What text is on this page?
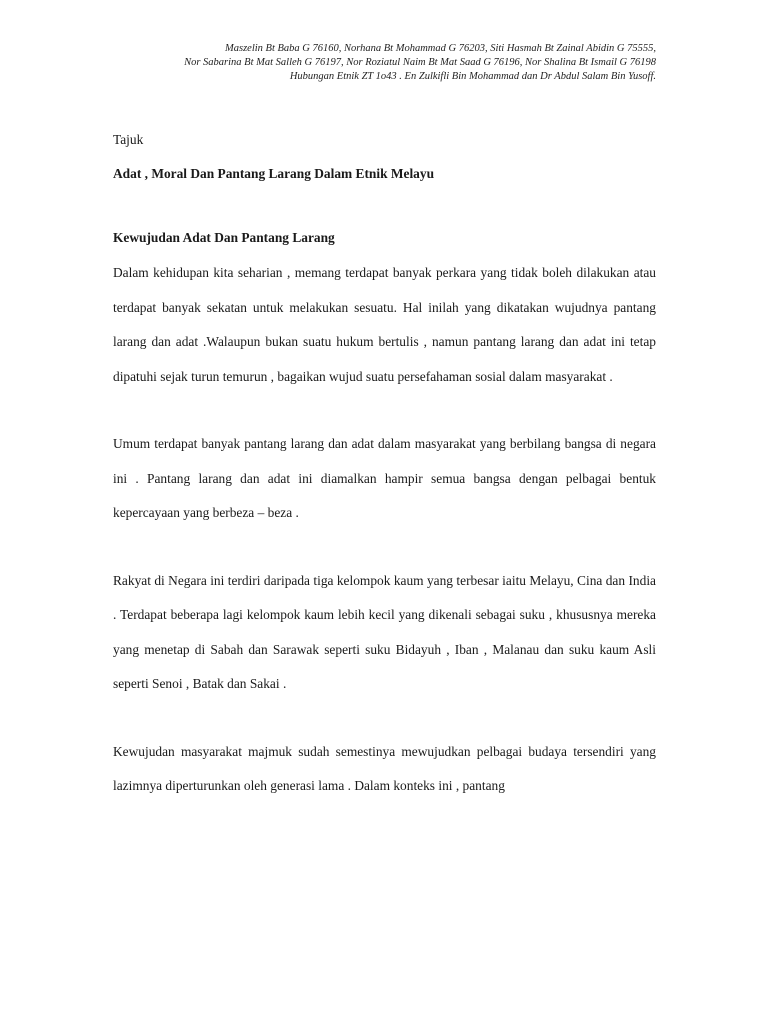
Maszelin Bt Baba G 76160, Norhana Bt Mohammad G 76203, Siti Hasmah Bt Zainal Abidin G 75555,
Nor Sabarina Bt Mat Salleh G 76197, Nor Roziatul Naim Bt Mat Saad G 76196, Nor Shalina Bt Ismail G 76198
Hubungan Etnik ZT 1o43 . En Zulkifli Bin Mohammad dan Dr Abdul Salam Bin Yusoff.

Tajuk

Adat , Moral Dan Pantang Larang Dalam Etnik Melayu

Kewujudan Adat Dan Pantang Larang

Dalam kehidupan kita seharian , memang terdapat banyak perkara yang tidak boleh dilakukan atau terdapat banyak sekatan untuk melakukan sesuatu. Hal inilah yang dikatakan wujudnya pantang larang dan adat .Walaupun bukan suatu hukum bertulis , namun pantang larang dan adat ini tetap dipatuhi sejak turun temurun , bagaikan wujud suatu persefahaman sosial dalam masyarakat .

Umum terdapat banyak pantang larang dan adat dalam masyarakat yang berbilang bangsa di negara ini . Pantang larang dan adat ini diamalkan hampir semua bangsa dengan pelbagai bentuk kepercayaan yang berbeza – beza .

Rakyat di Negara ini terdiri daripada tiga kelompok kaum yang terbesar iaitu Melayu, Cina dan India . Terdapat beberapa lagi kelompok kaum lebih kecil yang dikenali sebagai suku , khususnya mereka yang menetap di Sabah dan Sarawak seperti suku Bidayuh , Iban , Malanau dan suku kaum Asli seperti Senoi , Batak dan Sakai .

Kewujudan masyarakat majmuk sudah semestinya mewujudkan pelbagai budaya tersendiri yang lazimnya diperturunkan oleh generasi lama . Dalam konteks ini , pantang
